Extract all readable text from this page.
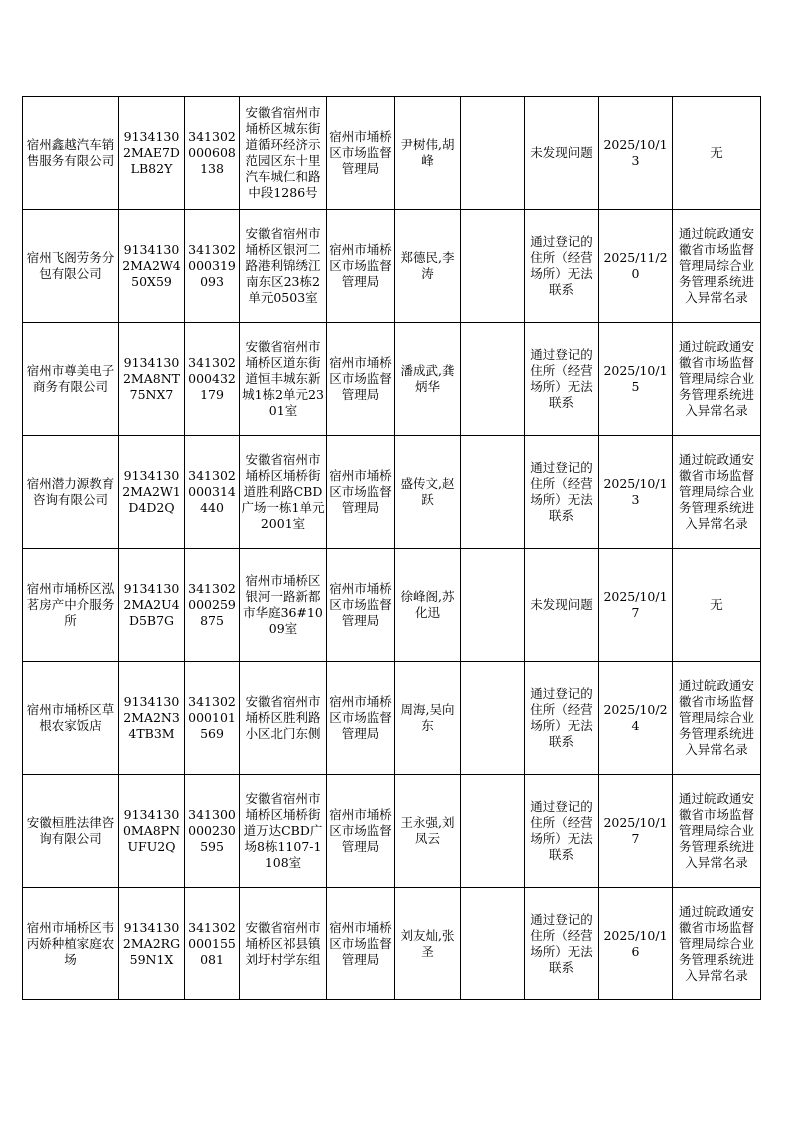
宿州鑫越汽车销售服务有限公司	91341302MAE7DLB82Y	341302000608138	安徽省宿州市埇桥区城东街道循环经济示范园区东十里汽车城仁和路中段1286号	宿州市埇桥区市场监督管理局	尹树伟,胡峰		未发现问题	2025/10/13	无
宿州飞阁劳务分包有限公司	91341302MA2W450X59	341302000319093	安徽省宿州市埇桥区银河二路港利锦绣江南东区23栋2单元0503室	宿州市埇桥区市场监督管理局	郑德民,李涛		通过登记的住所（经营场所）无法联系	2025/11/20	通过皖政通安徽省市场监督管理局综合业务管理系统进入异常名录
宿州市尊美电子商务有限公司	91341302MA8NT75NX7	341302000432179	安徽省宿州市埇桥区道东街道恒丰城东新城1栋2单元2301室	宿州市埇桥区市场监督管理局	潘成武,龚炳华		通过登记的住所（经营场所）无法联系	2025/10/15	通过皖政通安徽省市场监督管理局综合业务管理系统进入异常名录
宿州潜力源教育咨询有限公司	91341302MA2W1D4D2Q	341302000314440	安徽省宿州市埇桥区埇桥街道胜利路CBD广场一栋1单元2001室	宿州市埇桥区市场监督管理局	盛传文,赵跃		通过登记的住所（经营场所）无法联系	2025/10/13	通过皖政通安徽省市场监督管理局综合业务管理系统进入异常名录
宿州市埇桥区泓茗房产中介服务所	91341302MA2U4D5B7G	341302000259875	宿州市埇桥区银河一路新都市华庭36#1009室	宿州市埇桥区市场监督管理局	徐峰阁,苏化迅		未发现问题	2025/10/17	无
宿州市埇桥区草根农家饭店	91341302MA2N34TB3M	341302000101569	安徽省宿州市埇桥区胜利路小区北门东侧	宿州市埇桥区市场监督管理局	周海,吴向东		通过登记的住所（经营场所）无法联系	2025/10/24	通过皖政通安徽省市场监督管理局综合业务管理系统进入异常名录
安徽桓胜法律咨询有限公司	91341300MA8PNUFU2Q	341300000230595	安徽省宿州市埇桥区埇桥街道万达CBD广场8栋1107-1108室	宿州市埇桥区市场监督管理局	王永强,刘凤云		通过登记的住所（经营场所）无法联系	2025/10/17	通过皖政通安徽省市场监督管理局综合业务管理系统进入异常名录
宿州市埇桥区韦丙娇种植家庭农场	91341302MA2RG59N1X	341302000155081	安徽省宿州市埇桥区祁县镇刘圩村学东组	宿州市埇桥区市场监督管理局	刘友灿,张圣		通过登记的住所（经营场所）无法联系	2025/10/16	通过皖政通安徽省市场监督管理局综合业务管理系统进入异常名录
